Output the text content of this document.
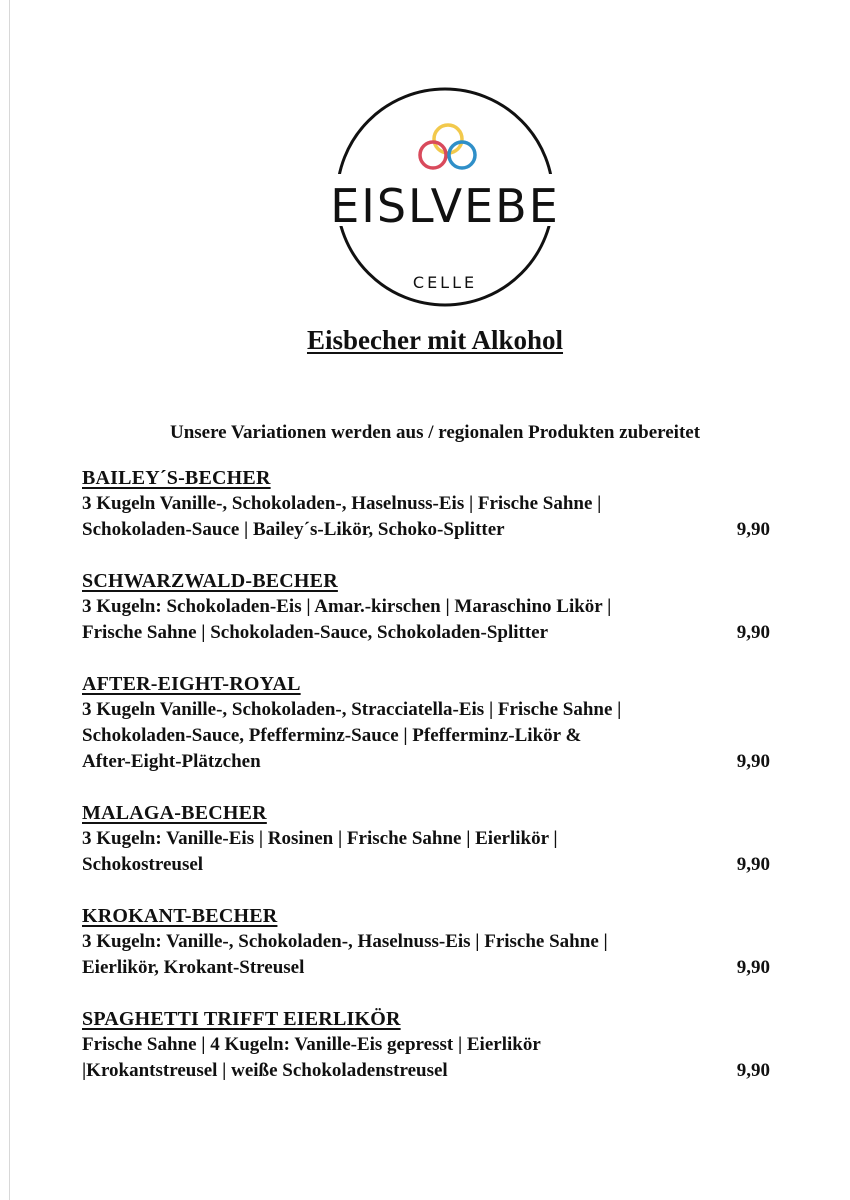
EISLVEBE
CELLE
Eisbecher mit Alkohol

Unsere Variationen werden aus / regionalen Produkten zubereitet

BAILEY´S-BECHER
3 Kugeln Vanille-, Schokoladen-, Haselnuss-Eis | Frische Sahne |
Schokoladen-Sauce | Bailey´s-Likör, Schoko-Splitter	9,90
SCHWARZWALD-BECHER
3 Kugeln: Schokoladen-Eis | Amar.-kirschen | Maraschino Likör |
Frische Sahne | Schokoladen-Sauce, Schokoladen-Splitter	9,90
AFTER-EIGHT-ROYAL
3 Kugeln Vanille-, Schokoladen-, Stracciatella-Eis | Frische Sahne |
Schokoladen-Sauce, Pfefferminz-Sauce | Pfefferminz-Likör &
After-Eight-Plätzchen	9,90
MALAGA-BECHER
3 Kugeln: Vanille-Eis | Rosinen | Frische Sahne | Eierlikör |
Schokostreusel	9,90
KROKANT-BECHER
3 Kugeln: Vanille-, Schokoladen-, Haselnuss-Eis | Frische Sahne |
Eierlikör, Krokant-Streusel	9,90
SPAGHETTI TRIFFT EIERLIKÖR
Frische Sahne | 4 Kugeln: Vanille-Eis gepresst | Eierlikör
|Krokantstreusel | weiße Schokoladenstreusel	9,90
